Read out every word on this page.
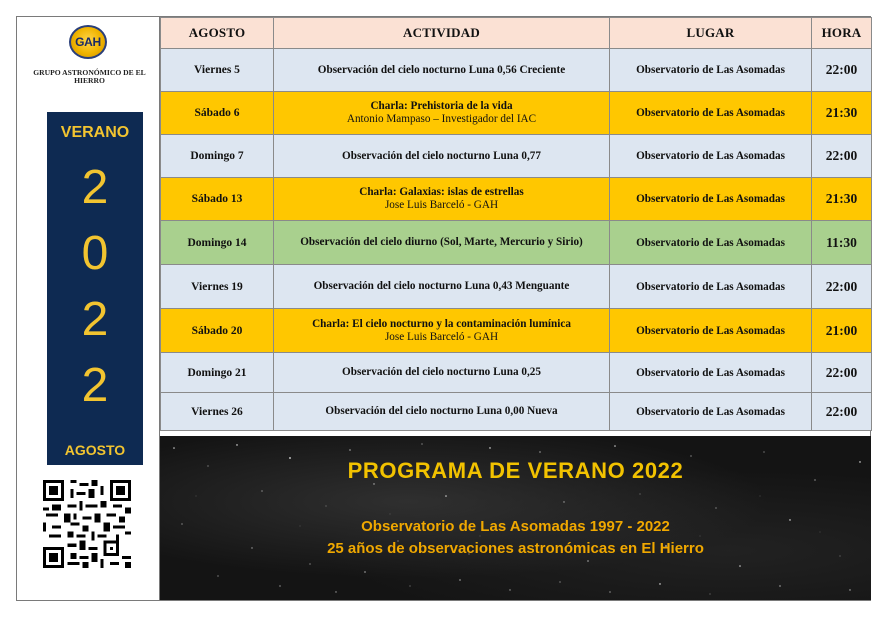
GAH
GRUPO ASTRONÓMICO DE EL HIERRO
VERANO
2
0
2
2
AGOSTO
AGOSTO	ACTIVIDAD	LUGAR	HORA
Viernes 5	Observación del cielo nocturno Luna 0,56 Creciente	Observatorio de Las Asomadas	22:00
Sábado 6	Charla: Prehistoria de la vida
Antonio Mampaso – Investigador del IAC	Observatorio de Las Asomadas	21:30
Domingo 7	Observación del cielo nocturno Luna 0,77	Observatorio de Las Asomadas	22:00
Sábado 13	Charla: Galaxias: islas de estrellas
Jose Luis Barceló - GAH	Observatorio de Las Asomadas	21:30
Domingo 14	Observación del cielo diurno (Sol, Marte, Mercurio y Sirio)	Observatorio de Las Asomadas	11:30
Viernes 19	Observación del cielo nocturno Luna 0,43 Menguante	Observatorio de Las Asomadas	22:00
Sábado 20	Charla: El cielo nocturno y la contaminación lumínica
Jose Luis Barceló - GAH	Observatorio de Las Asomadas	21:00
Domingo 21	Observación del cielo nocturno Luna 0,25	Observatorio de Las Asomadas	22:00
Viernes 26	Observación del cielo nocturno Luna 0,00 Nueva	Observatorio de Las Asomadas	22:00
PROGRAMA DE VERANO 2022
Observatorio de Las Asomadas 1997 - 2022
25 años de observaciones astronómicas en El Hierro
